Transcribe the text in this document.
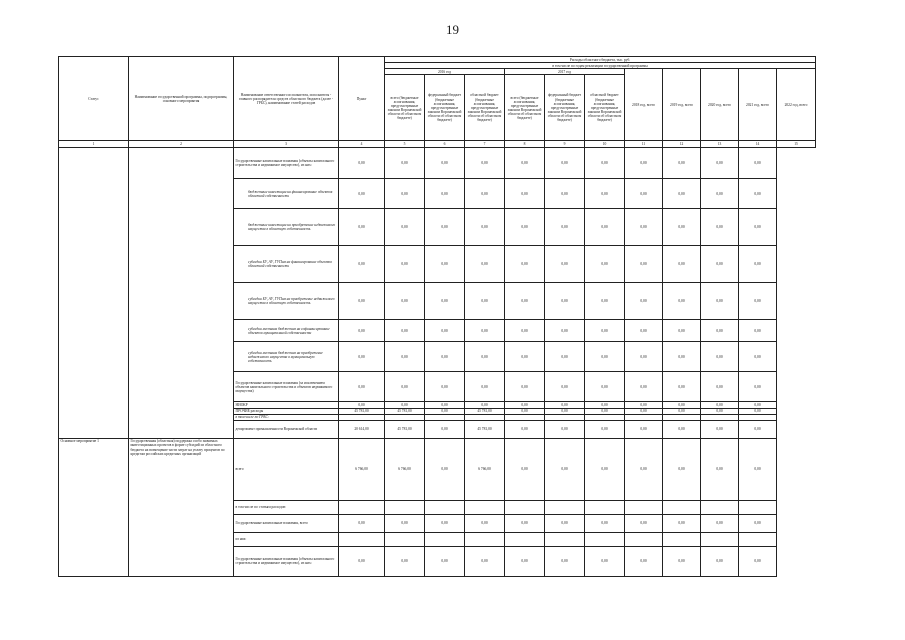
19
Статус	Наименование государственной программы, подпрограммы, основного мероприятия	Наименование ответственного исполнителя, исполнителя - главного распорядителя средств областного бюджета (далее - ГРБС), наименование статей расходов	Пункт	Расходы областного бюджета, тыс. руб.										
				в том числе по годам реализации государственной программы										
				2016 год			2017 год			2018 год, всего	2019 год, всего	2020 год, всего	2021 год, всего	2022 год, всего
				всего (бюджетные ассигнования, предусмотренные законом Воронежской области об областном бюджете)	федеральный бюджет (бюджетные ассигнования, предусмотренные законом Воронежской области об областном бюджете)	областной бюджет (бюджетные ассигнования, предусмотренные законом Воронежской области об областном бюджете)	всего (бюджетные ассигнования, предусмотренные законом Воронежской области об областном бюджете)	федеральный бюджет (бюджетные ассигнования, предусмотренные законом Воронежской области об областном бюджете)	областной бюджет (бюджетные ассигнования, предусмотренные законом Воронежской области об областном бюджете)					
1	2	3	4	5	6	7	8	9	10	11	12	13	14	15
		Государственные капитальные вложения (объекты капитального строительства и недвижимое имущество), из них:	0,00	0,00	0,00	0,00	0,00	0,00	0,00	0,00	0,00	0,00	0,00	
		бюджетные инвестиции на финансирование объектов областной собственности	0,00	0,00	0,00	0,00	0,00	0,00	0,00	0,00	0,00	0,00	0,00	
		бюджетные инвестиции на приобретение недвижимого имущества в областную собственность	0,00	0,00	0,00	0,00	0,00	0,00	0,00	0,00	0,00	0,00	0,00	
		субсидии БУ, АУ, ГУПам на финансирование объектов областной собственности	0,00	0,00	0,00	0,00	0,00	0,00	0,00	0,00	0,00	0,00	0,00	
		субсидии БУ, АУ, ГУПам на приобретение недвижимого имущества в областную собственность	0,00	0,00	0,00	0,00	0,00	0,00	0,00	0,00	0,00	0,00	0,00	
		субсидии местным бюджетам на софинансирование объектов муниципальной собственности	0,00	0,00	0,00	0,00	0,00	0,00	0,00	0,00	0,00	0,00	0,00	
		субсидии местным бюджетам на приобретение недвижимого имущества в муниципальную собственность	0,00	0,00	0,00	0,00	0,00	0,00	0,00	0,00	0,00	0,00	0,00	
		Государственные капитальные вложения (за исключением объектов капитального строительства и объектов недвижимого имущества)	0,00	0,00	0,00	0,00	0,00	0,00	0,00	0,00	0,00	0,00	0,00	
		НИОКР	0,00	0,00	0,00	0,00	0,00	0,00	0,00	0,00	0,00	0,00	0,00	
		ПРОЧИЕ расходы	45 781,00	45 781,00	0,00	45 781,00	0,00	0,00	0,00	0,00	0,00	0,00	0,00	
		в том числе по ГРБС:												
		департамент промышленности Воронежской области	20 614,00	45 781,00	0,00	45 781,00	0,00	0,00	0,00	0,00	0,00	0,00	0,00	
Основное мероприятие 1	Государственная (областная) поддержка особо значимых инвестиционных проектов в форме субсидий из областного бюджета на возмещение части затрат на уплату процентов по кредитам российских кредитных организаций	всего	6 766,00	6 766,00	0,00	6 766,00	0,00	0,00	0,00	0,00	0,00	0,00	0,00	
		в том числе по статьям расходов:												
		Государственные капитальные вложения, всего	0,00	0,00	0,00	0,00	0,00	0,00	0,00	0,00	0,00	0,00	0,00	
		из них:												
		Государственные капитальные вложения (объекты капитального строительства и недвижимое имущество), из них:	0,00	0,00	0,00	0,00	0,00	0,00	0,00	0,00	0,00	0,00	0,00	
